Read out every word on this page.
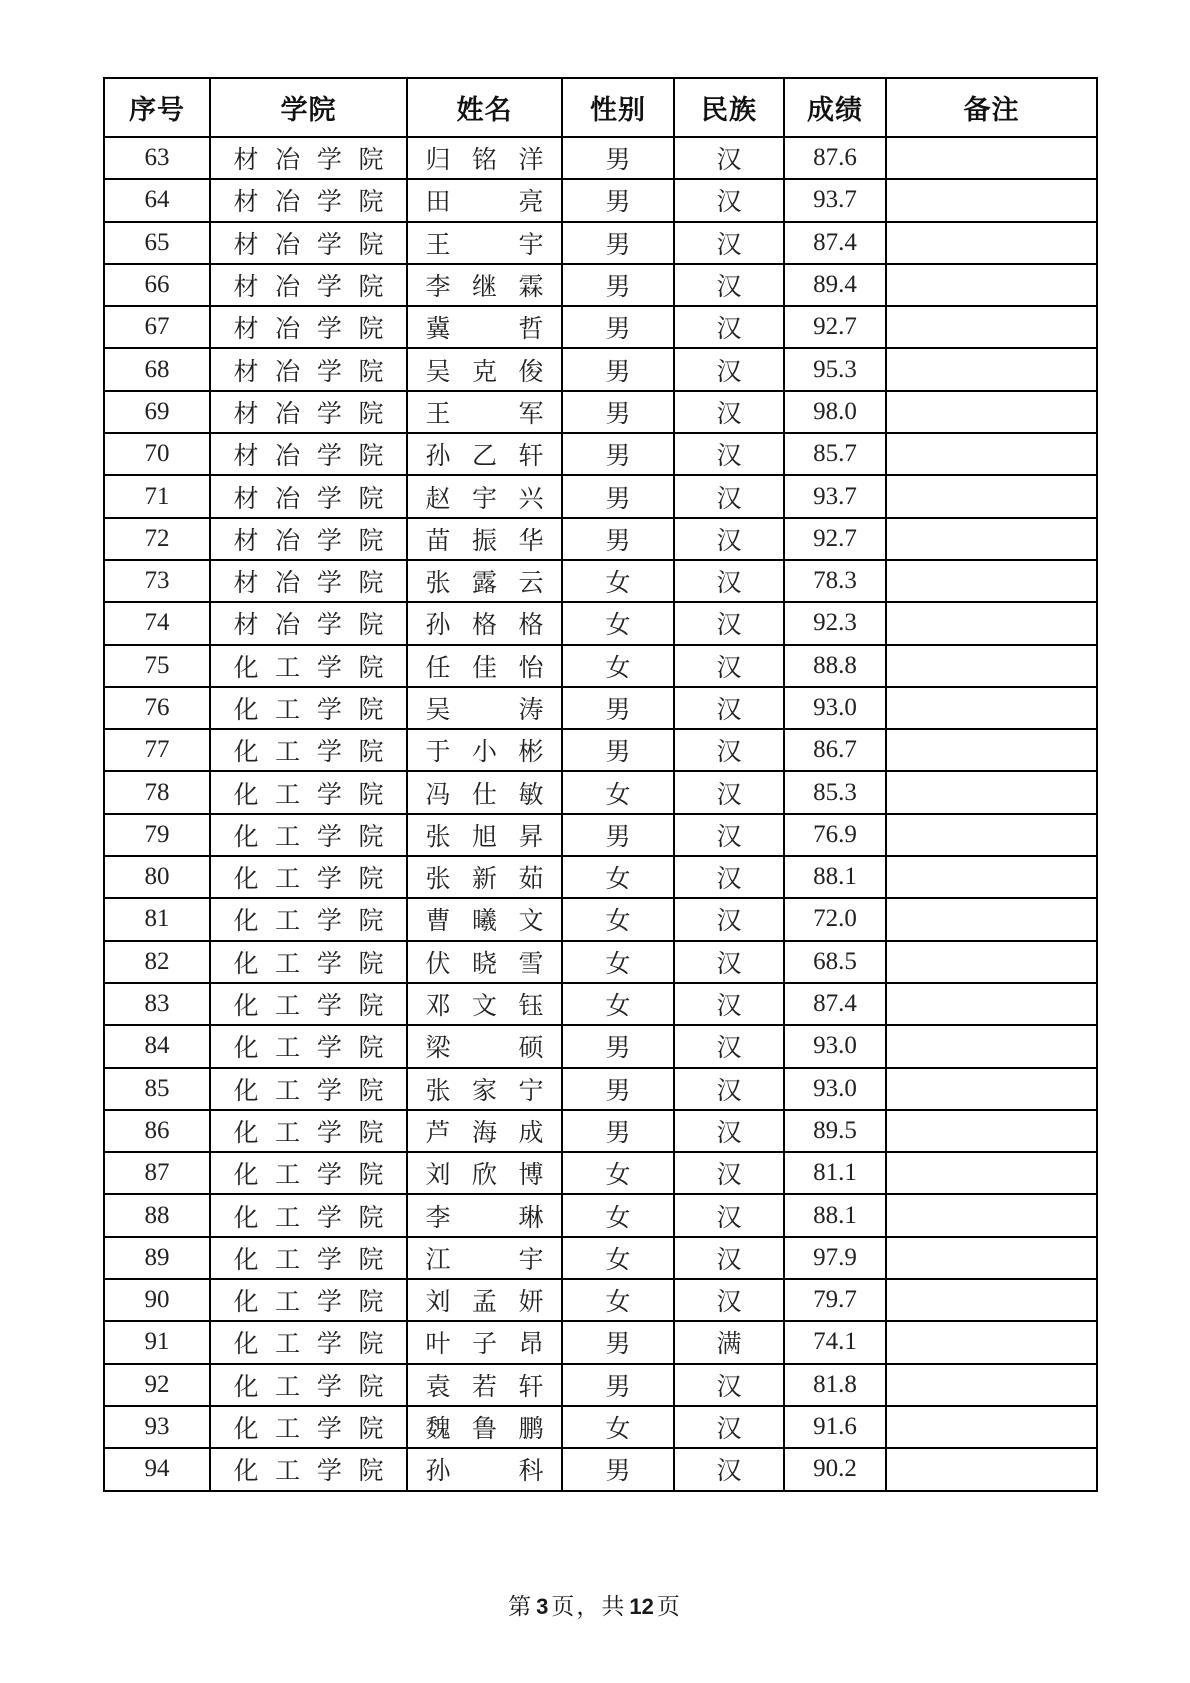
序号	学院	姓名	性别	民族	成绩	备注
63	材冶学院	归铭洋	男	汉	87.6	
64	材冶学院	田亮	男	汉	93.7	
65	材冶学院	王宇	男	汉	87.4	
66	材冶学院	李继霖	男	汉	89.4	
67	材冶学院	冀哲	男	汉	92.7	
68	材冶学院	吴克俊	男	汉	95.3	
69	材冶学院	王军	男	汉	98.0	
70	材冶学院	孙乙轩	男	汉	85.7	
71	材冶学院	赵宇兴	男	汉	93.7	
72	材冶学院	苗振华	男	汉	92.7	
73	材冶学院	张露云	女	汉	78.3	
74	材冶学院	孙格格	女	汉	92.3	
75	化工学院	任佳怡	女	汉	88.8	
76	化工学院	吴涛	男	汉	93.0	
77	化工学院	于小彬	男	汉	86.7	
78	化工学院	冯仕敏	女	汉	85.3	
79	化工学院	张旭昇	男	汉	76.9	
80	化工学院	张新茹	女	汉	88.1	
81	化工学院	曹曦文	女	汉	72.0	
82	化工学院	伏晓雪	女	汉	68.5	
83	化工学院	邓文钰	女	汉	87.4	
84	化工学院	梁硕	男	汉	93.0	
85	化工学院	张家宁	男	汉	93.0	
86	化工学院	芦海成	男	汉	89.5	
87	化工学院	刘欣博	女	汉	81.1	
88	化工学院	李琳	女	汉	88.1	
89	化工学院	江宇	女	汉	97.9	
90	化工学院	刘孟妍	女	汉	79.7	
91	化工学院	叶子昂	男	满	74.1	
92	化工学院	袁若轩	男	汉	81.8	
93	化工学院	魏鲁鹏	女	汉	91.6	
94	化工学院	孙科	男	汉	90.2	
第 3 页，共 12 页
